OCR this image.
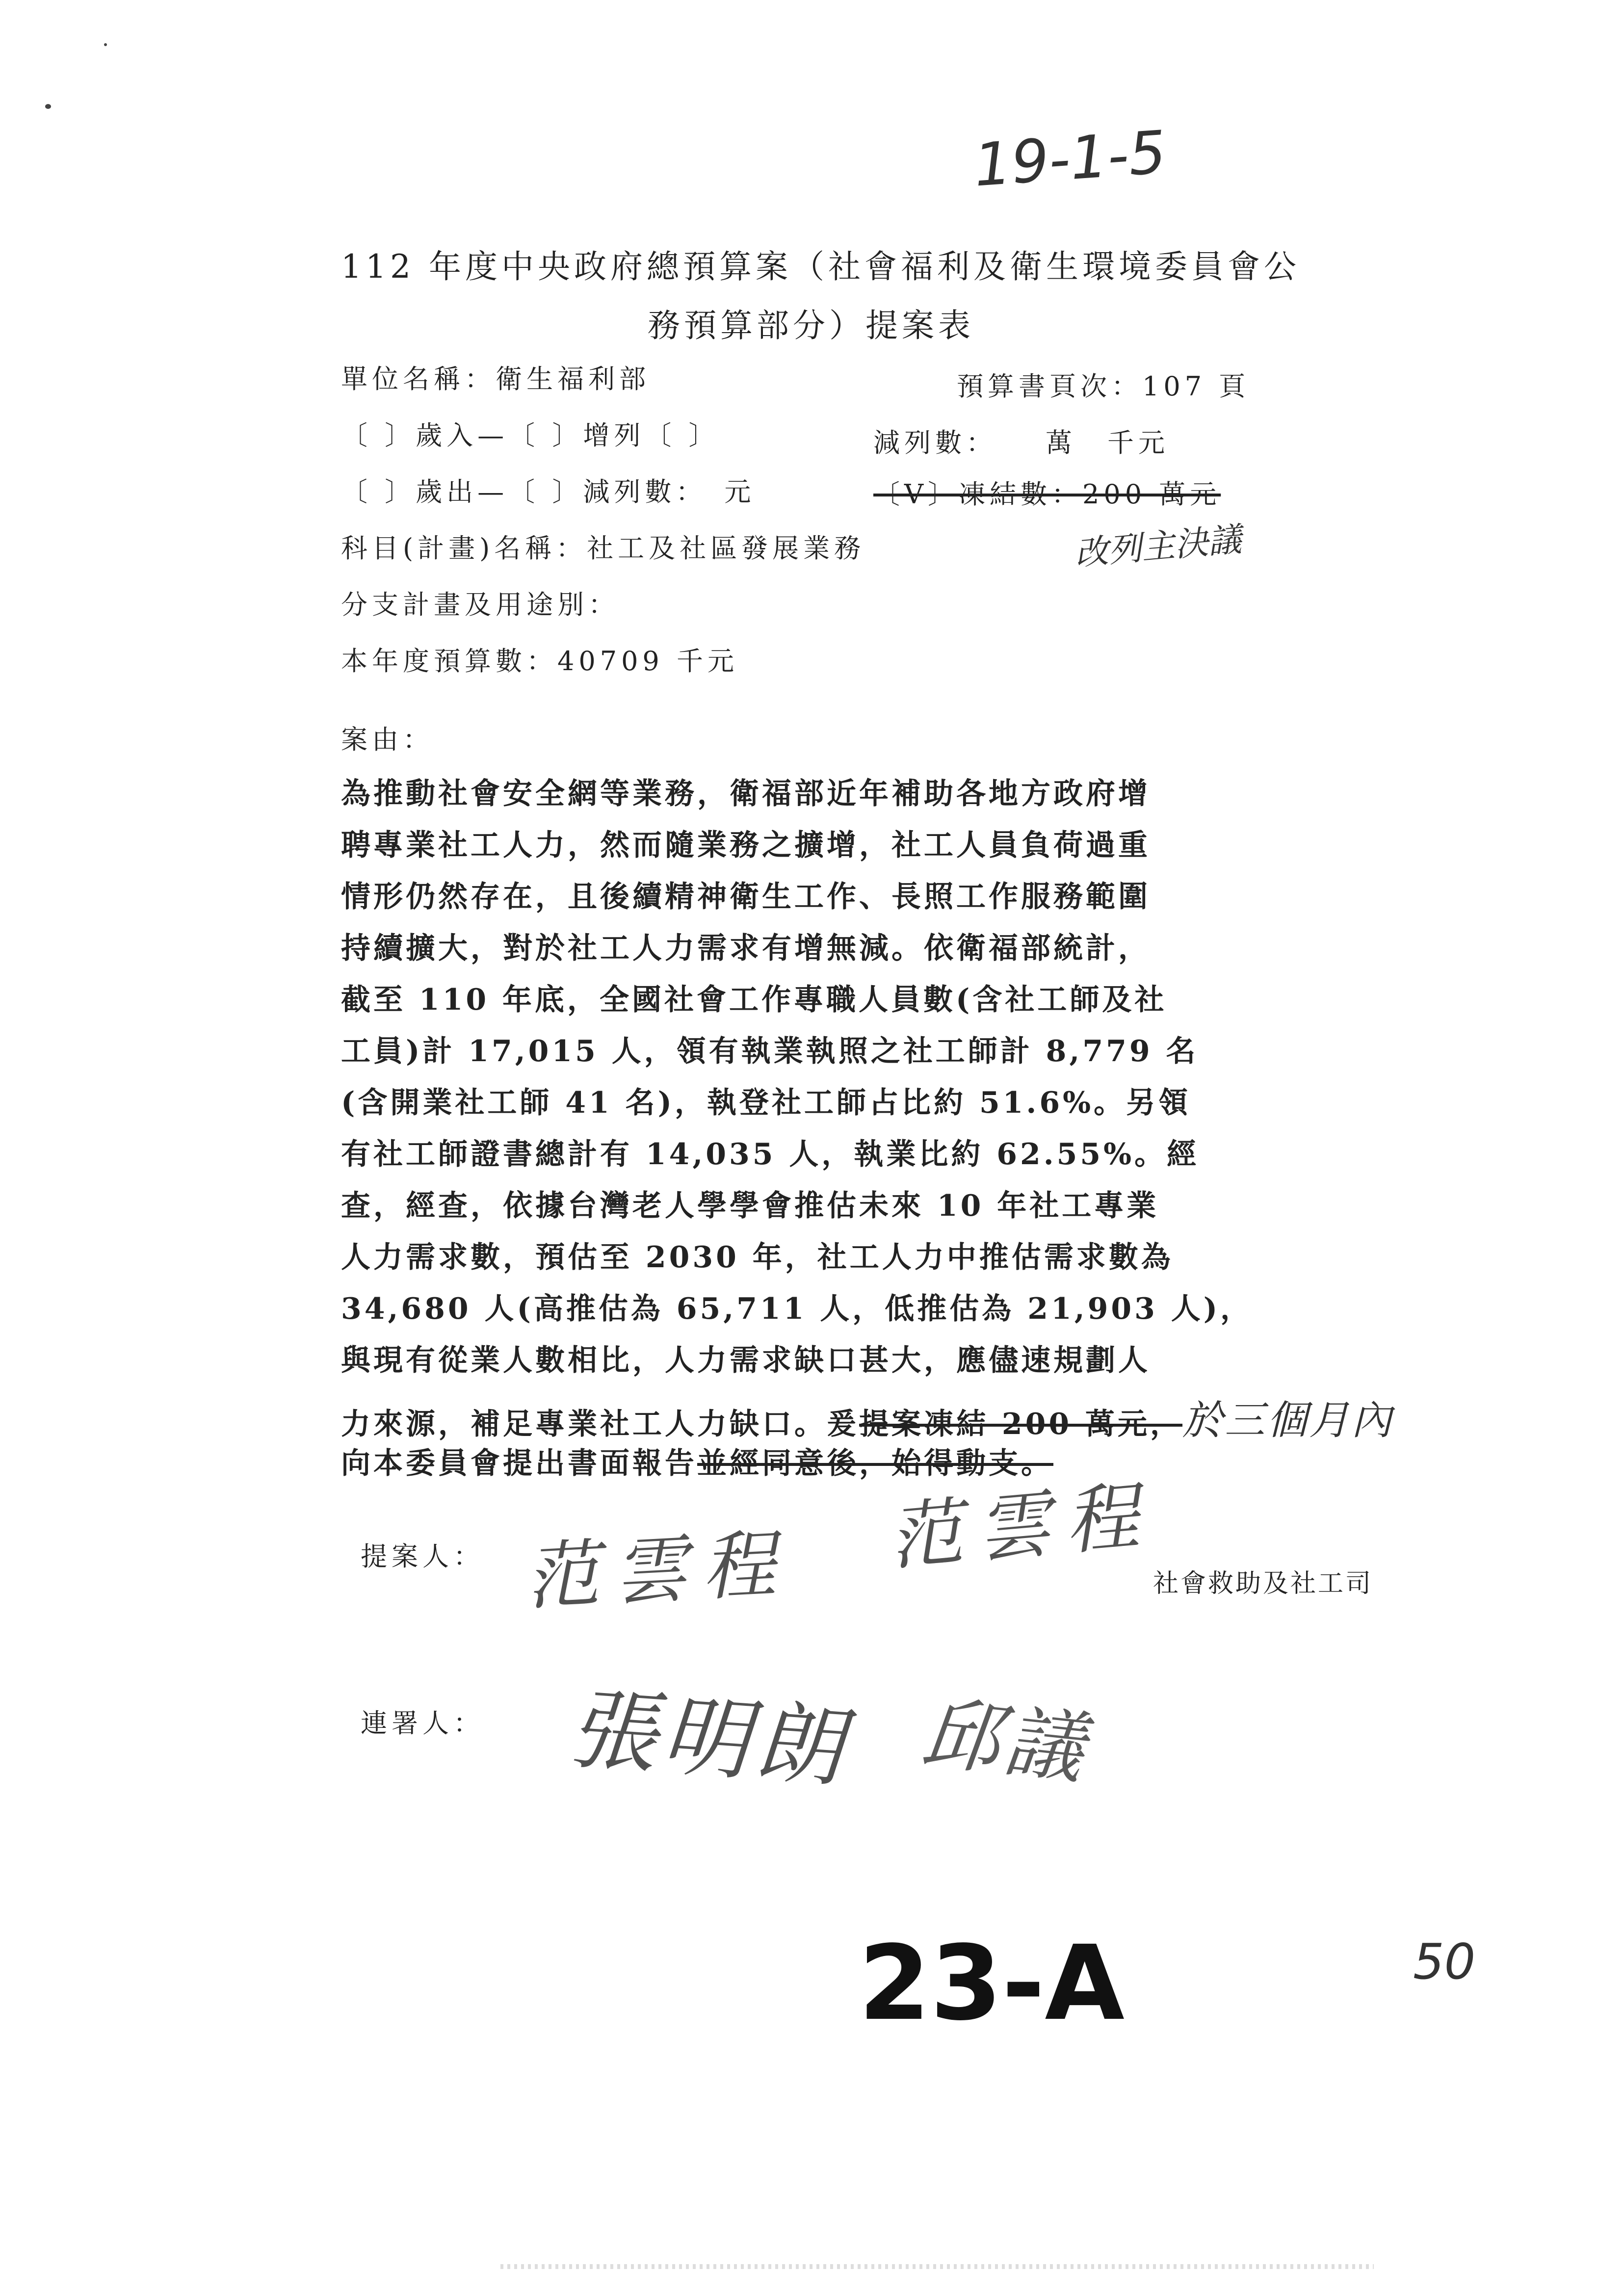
19-1-5
112 年度中央政府總預算案（社會福利及衛生環境委員會公
務預算部分）提案表
單位名稱：衛生福利部	預算書頁次：107 頁
〔 〕歲入—〔 〕增列〔 〕	減列數：　　萬　千元
〔 〕歲出—〔 〕減列數：　元	〔V〕凍結數：200 萬元
改列主決議
科目(計畫)名稱：社工及社區發展業務
分支計畫及用途別：
本年度預算數：40709 千元
案由：
為推動社會安全網等業務，衛福部近年補助各地方政府增
聘專業社工人力，然而隨業務之擴增，社工人員負荷過重
情形仍然存在，且後續精神衛生工作、長照工作服務範圍
持續擴大，對於社工人力需求有增無減。依衛福部統計，
截至 110 年底，全國社會工作專職人員數(含社工師及社
工員)計 17,015 人，領有執業執照之社工師計 8,779 名
(含開業社工師 41 名)，執登社工師占比約 51.6%。另領
有社工師證書總計有 14,035 人，執業比約 62.55%。經
查，經查，依據台灣老人學學會推估未來 10 年社工專業
人力需求數，預估至 2030 年，社工人力中推估需求數為
34,680 人(高推估為 65,711 人，低推估為 21,903 人)，
與現有從業人數相比，人力需求缺口甚大，應儘速規劃人
力來源，補足專業社工人力缺口。爰提案凍結 200 萬元，於三個月內
向本委員會提出書面報告並經同意後，始得動支。
提案人： 范雲程 范雲程
社會救助及社工司
連署人： 張明朗 邱議
23-A	50
